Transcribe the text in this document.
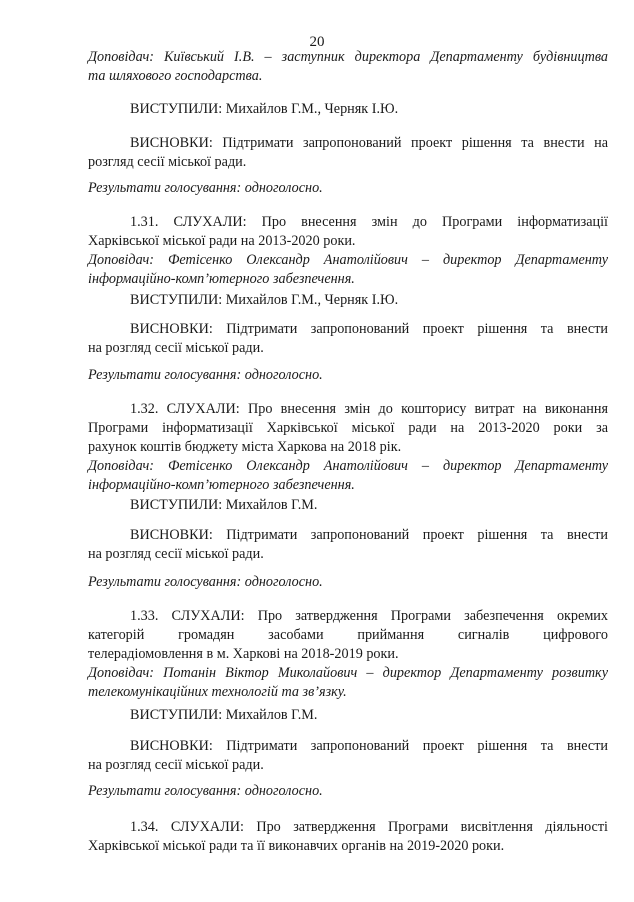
20
Доповідач: Київський І.В. – заступник директора Департаменту будівництва
та шляхового господарства.
ВИСТУПИЛИ: Михайлов Г.М., Черняк І.Ю.
ВИСНОВКИ: Підтримати запропонований проект рішення та внести на
розгляд сесії міської ради.
Результати голосування: одноголосно.
1.31. СЛУХАЛИ: Про внесення змін до Програми інформатизації
Харківської міської ради на 2013-2020 роки.
Доповідач: Фетісенко Олександр Анатолійович – директор Департаменту
інформаційно-комп’ютерного забезпечення.
ВИСТУПИЛИ: Михайлов Г.М., Черняк І.Ю.
ВИСНОВКИ: Підтримати запропонований проект рішення та внести
на розгляд сесії міської ради.
Результати голосування: одноголосно.
1.32. СЛУХАЛИ: Про внесення змін до кошторису витрат на виконання
Програми інформатизації Харківської міської ради на 2013-2020 роки за
рахунок коштів бюджету міста Харкова на 2018 рік.
Доповідач: Фетісенко Олександр Анатолійович – директор Департаменту
інформаційно-комп’ютерного забезпечення.
ВИСТУПИЛИ: Михайлов Г.М.
ВИСНОВКИ: Підтримати запропонований проект рішення та внести
на розгляд сесії міської ради.
Результати голосування: одноголосно.
1.33. СЛУХАЛИ: Про затвердження Програми забезпечення окремих
категорій громадян засобами приймання сигналів цифрового
телерадіомовлення в м. Харкові на 2018-2019 роки.
Доповідач: Потанін Віктор Миколайович – директор Департаменту розвитку
телекомунікаційних технологій та зв’язку.
ВИСТУПИЛИ: Михайлов Г.М.
ВИСНОВКИ: Підтримати запропонований проект рішення та внести
на розгляд сесії міської ради.
Результати голосування: одноголосно.
1.34. СЛУХАЛИ: Про затвердження Програми висвітлення діяльності
Харківської міської ради та її виконавчих органів на 2019-2020 роки.
